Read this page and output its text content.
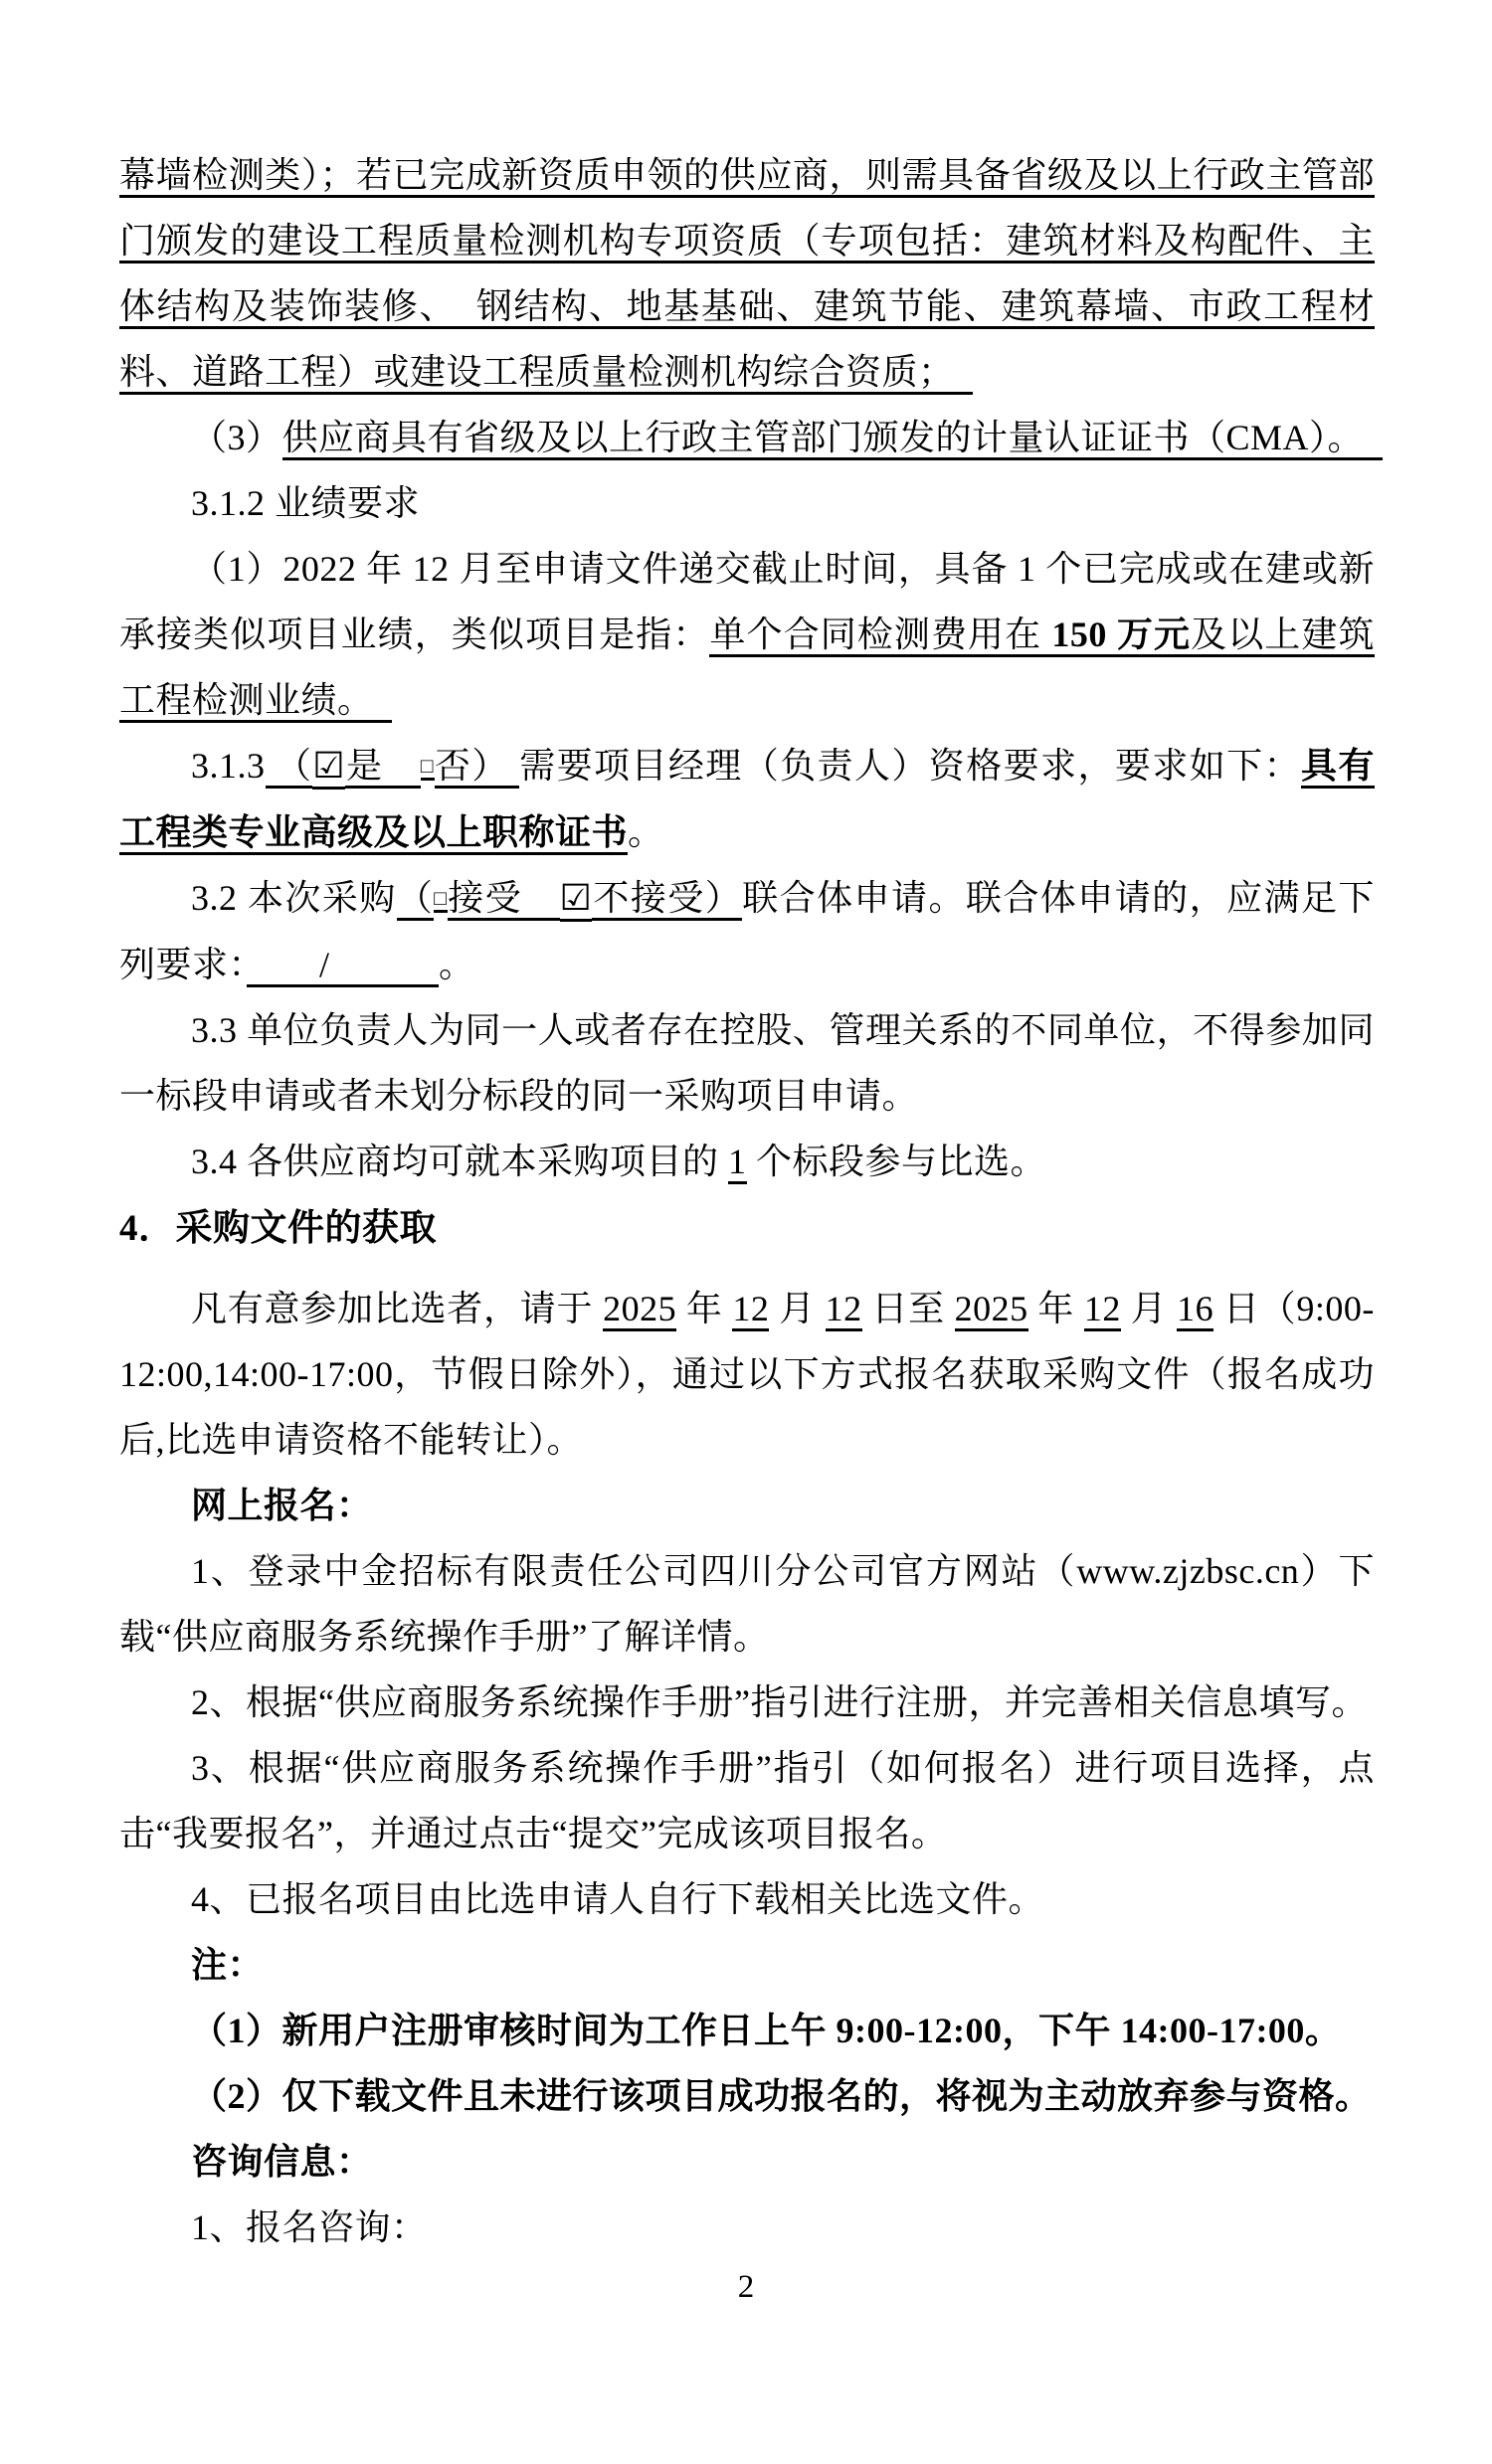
幕墙检测类）；若已完成新资质申领的供应商，则需具备省级及以上行政主管部门颁发的建设工程质量检测机构专项资质（专项包括：建筑材料及构配件、主体结构及装饰装修、　钢结构、地基基础、建筑节能、建筑幕墙、市政工程材料、道路工程）或建设工程质量检测机构综合资质；　

（3）供应商具有省级及以上行政主管部门颁发的计量认证证书（CMA）。　

3.1.2 业绩要求

（1）2022 年 12 月至申请文件递交截止时间，具备 1 个已完成或在建或新承接类似项目业绩，类似项目是指：单个合同检测费用在 150 万元及以上建筑工程检测业绩。　

3.1.3 （☑是　□否） 需要项目经理（负责人）资格要求，要求如下：具有工程类专业高级及以上职称证书。

3.2 本次采购（□接受　☑不接受）联合体申请。联合体申请的，应满足下列要求：　　/　　　。

3.3 单位负责人为同一人或者存在控股、管理关系的不同单位，不得参加同一标段申请或者未划分标段的同一采购项目申请。

3.4 各供应商均可就本采购项目的 1 个标段参与比选。

4．采购文件的获取

凡有意参加比选者，请于 2025 年 12 月 12 日至 2025 年 12 月 16 日（9:00-12:00,14:00-17:00，节假日除外），通过以下方式报名获取采购文件（报名成功后,比选申请资格不能转让）。

网上报名：

1、登录中金招标有限责任公司四川分公司官方网站（www.zjzbsc.cn）下载“供应商服务系统操作手册”了解详情。

2、根据“供应商服务系统操作手册”指引进行注册，并完善相关信息填写。

3、根据“供应商服务系统操作手册”指引（如何报名）进行项目选择，点击“我要报名”，并通过点击“提交”完成该项目报名。

4、已报名项目由比选申请人自行下载相关比选文件。

注：

（1）新用户注册审核时间为工作日上午 9:00-12:00，下午 14:00-17:00。

（2）仅下载文件且未进行该项目成功报名的，将视为主动放弃参与资格。

咨询信息：

1、报名咨询：

2
